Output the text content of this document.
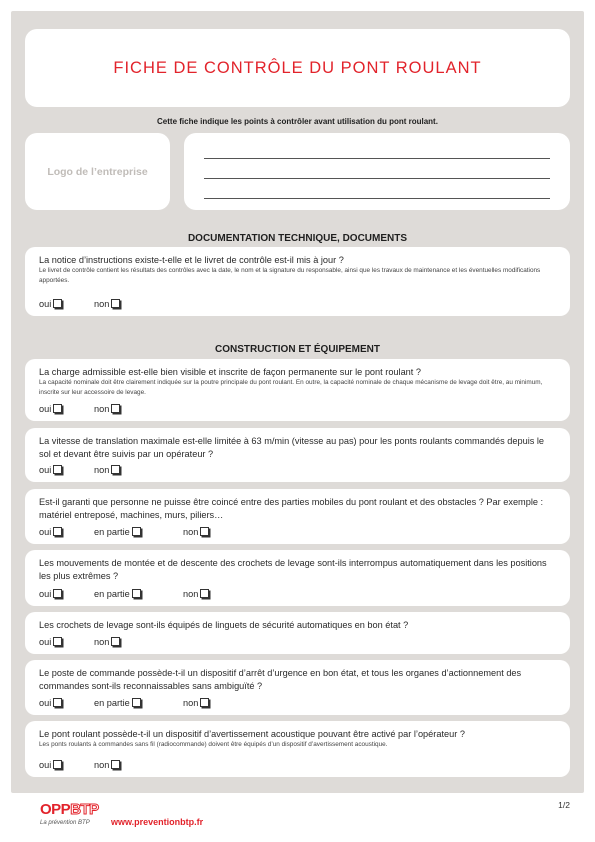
FICHE DE CONTRÔLE DU PONT ROULANT
Cette fiche indique les points à contrôler avant utilisation du pont roulant.
Logo de l’entreprise
DOCUMENTATION TECHNIQUE, DOCUMENTS
La notice d’instructions existe-t-elle et le livret de contrôle est-il mis à jour ?
Le livret de contrôle contient les résultats des contrôles avec la date, le nom et la signature du responsable, ainsi que les travaux de maintenance et les éventuelles modifications apportées.
oui	non
CONSTRUCTION ET ÉQUIPEMENT
La charge admissible est-elle bien visible et inscrite de façon permanente sur le pont roulant ?
La capacité nominale doit être clairement indiquée sur la poutre principale du pont roulant. En outre, la capacité nominale de chaque mécanisme de levage doit être, au minimum, inscrite sur leur accessoire de levage.
oui	non
La vitesse de translation maximale est-elle limitée à 63 m/min (vitesse au pas) pour les ponts roulants commandés depuis le sol et devant être suivis par un opérateur ?
oui	non
Est-il garanti que personne ne puisse être coincé entre des parties mobiles du pont roulant et des obstacles ? Par exemple : matériel entreposé, machines, murs, piliers…
oui	en partie	non
Les mouvements de montée et de descente des crochets de levage sont-ils interrompus automatiquement dans les positions les plus extrêmes ?
oui	en partie	non
Les crochets de levage sont-ils équipés de linguets de sécurité automatiques en bon état ?
oui	non
Le poste de commande possède-t-il un dispositif d’arrêt d’urgence en bon état, et tous les organes d’actionnement des commandes sont-ils reconnaissables sans ambiguïté ?
oui	en partie	non
Le pont roulant possède-t-il un dispositif d’avertissement acoustique pouvant être activé par l’opérateur ?
Les ponts roulants à commandes sans fil (radiocommande) doivent être équipés d’un dispositif d’avertissement acoustique.
oui	non
OPPBTP
La prévention BTP www.preventionbtp.fr
1/2
